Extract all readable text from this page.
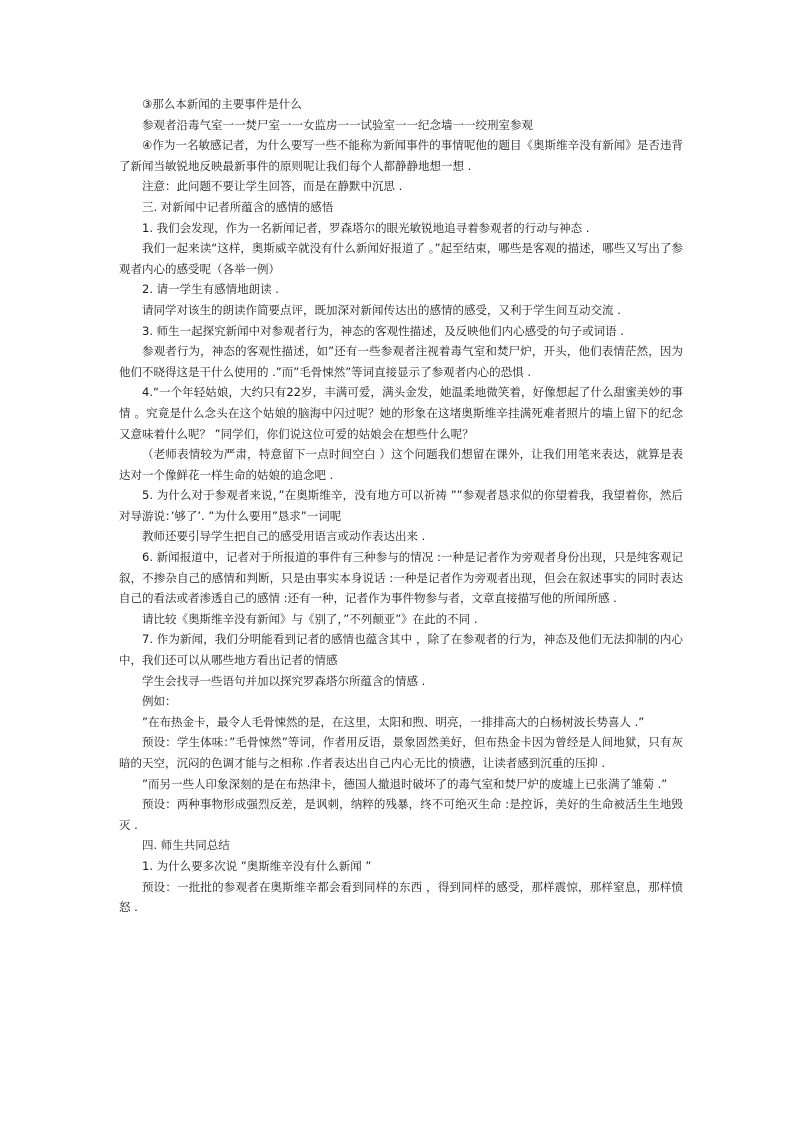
③那么本新闻的主要事件是什么

参观者沿毒气室一一焚尸室一一女监房一一试验室一一纪念墙一一绞刑室参观

④作为一名敏感记者，为什么要写一些不能称为新闻事件的事情呢他的题目《奥斯维辛没有新闻》是否违背了新闻当敏锐地反映最新事件的原则呢让我们每个人都静静地想一想 .

注意：此问题不要让学生回答，而是在静默中沉思 .

三. 对新闻中记者所蕴含的感情的感悟

1. 我们会发现，作为一名新闻记者，罗森塔尔的眼光敏锐地追寻着参观者的行动与神态 .

我们一起来读“这样，奥斯威辛就没有什么新闻好报道了 。”起至结束，哪些是客观的描述，哪些又写出了参观者内心的感受呢（各举一例）

2. 请一学生有感情地朗读 .

请同学对该生的朗读作简要点评，既加深对新闻传达出的感情的感受，又利于学生间互动交流 .

3. 师生一起探究新闻中对参观者行为，神态的客观性描述，及反映他们内心感受的句子或词语 .

参观者行为，神态的客观性描述，如”还有一些参观者注视着毒气室和焚尸炉，开头，他们表情茫然，因为他们不晓得这是干什么使用的 .”而”毛骨悚然”等词直接显示了参观者内心的恐惧 .

4.“一个年轻姑娘，大约只有22岁，丰满可爱，满头金发，她温柔地微笑着，好像想起了什么甜蜜美妙的事情 。究竟是什么念头在这个姑娘的脑海中闪过呢？她的形象在这堵奥斯维辛挂满死难者照片的墙上留下的纪念又意味着什么呢？ ”同学们，你们说这位可爱的姑娘会在想些什么呢？

（老师表情较为严肃，特意留下一点时间空白 ）这个问题我们想留在课外，让我们用笔来表达，就算是表达对一个像鲜花一样生命的姑娘的追念吧 .

5. 为什么对于参观者来说，”在奥斯维辛，没有地方可以祈祷 ””参观者恳求似的你望着我，我望着你，然后对导游说：’够了’. ”为什么要用”恳求”一词呢

教师还要引导学生把自己的感受用语言或动作表达出来 .

6. 新闻报道中，记者对于所报道的事件有三种参与的情况 :一种是记者作为旁观者身份出现，只是纯客观记叙，不掺杂自己的感情和判断，只是由事实本身说话 :一种是记者作为旁观者出现，但会在叙述事实的同时表达自己的看法或者渗透自己的感情 :还有一种，记者作为事件物参与者，文章直接描写他的所闻所感 .

请比较《奥斯维辛没有新闻》与《别了，”不列颠亚”》在此的不同 .

7. 作为新闻，我们分明能看到记者的感情也蕴含其中 ，除了在参观者的行为，神态及他们无法抑制的内心中，我们还可以从哪些地方看出记者的情感

学生会找寻一些语句并加以探究罗森塔尔所蕴含的情感 .

例如：

”在布热金卡，最令人毛骨悚然的是，在这里，太阳和煦、明亮，一排排高大的白杨树波长势喜人 .”

预设：学生体味：”毛骨悚然”等词，作者用反语，景象固然美好，但布热金卡因为曾经是人间地狱，只有灰暗的天空，沉闷的色调才能与之相称 .作者表达出自己内心无比的愤懑，让读者感到沉重的压抑 .

”而另一些人印象深刻的是在布热津卡，德国人撤退时破坏了的毒气室和焚尸炉的废墟上已张满了雏菊 .”

预设：两种事物形成强烈反差，是讽刺，纳粹的残暴，终不可绝灭生命 :是控诉，美好的生命被活生生地毁灭 .

四. 师生共同总结

1. 为什么要多次说 ”奥斯维辛没有什么新闻 ”

预设：一批批的参观者在奥斯维辛都会看到同样的东西 ，得到同样的感受，那样震惊，那样窒息，那样愤怒 .
